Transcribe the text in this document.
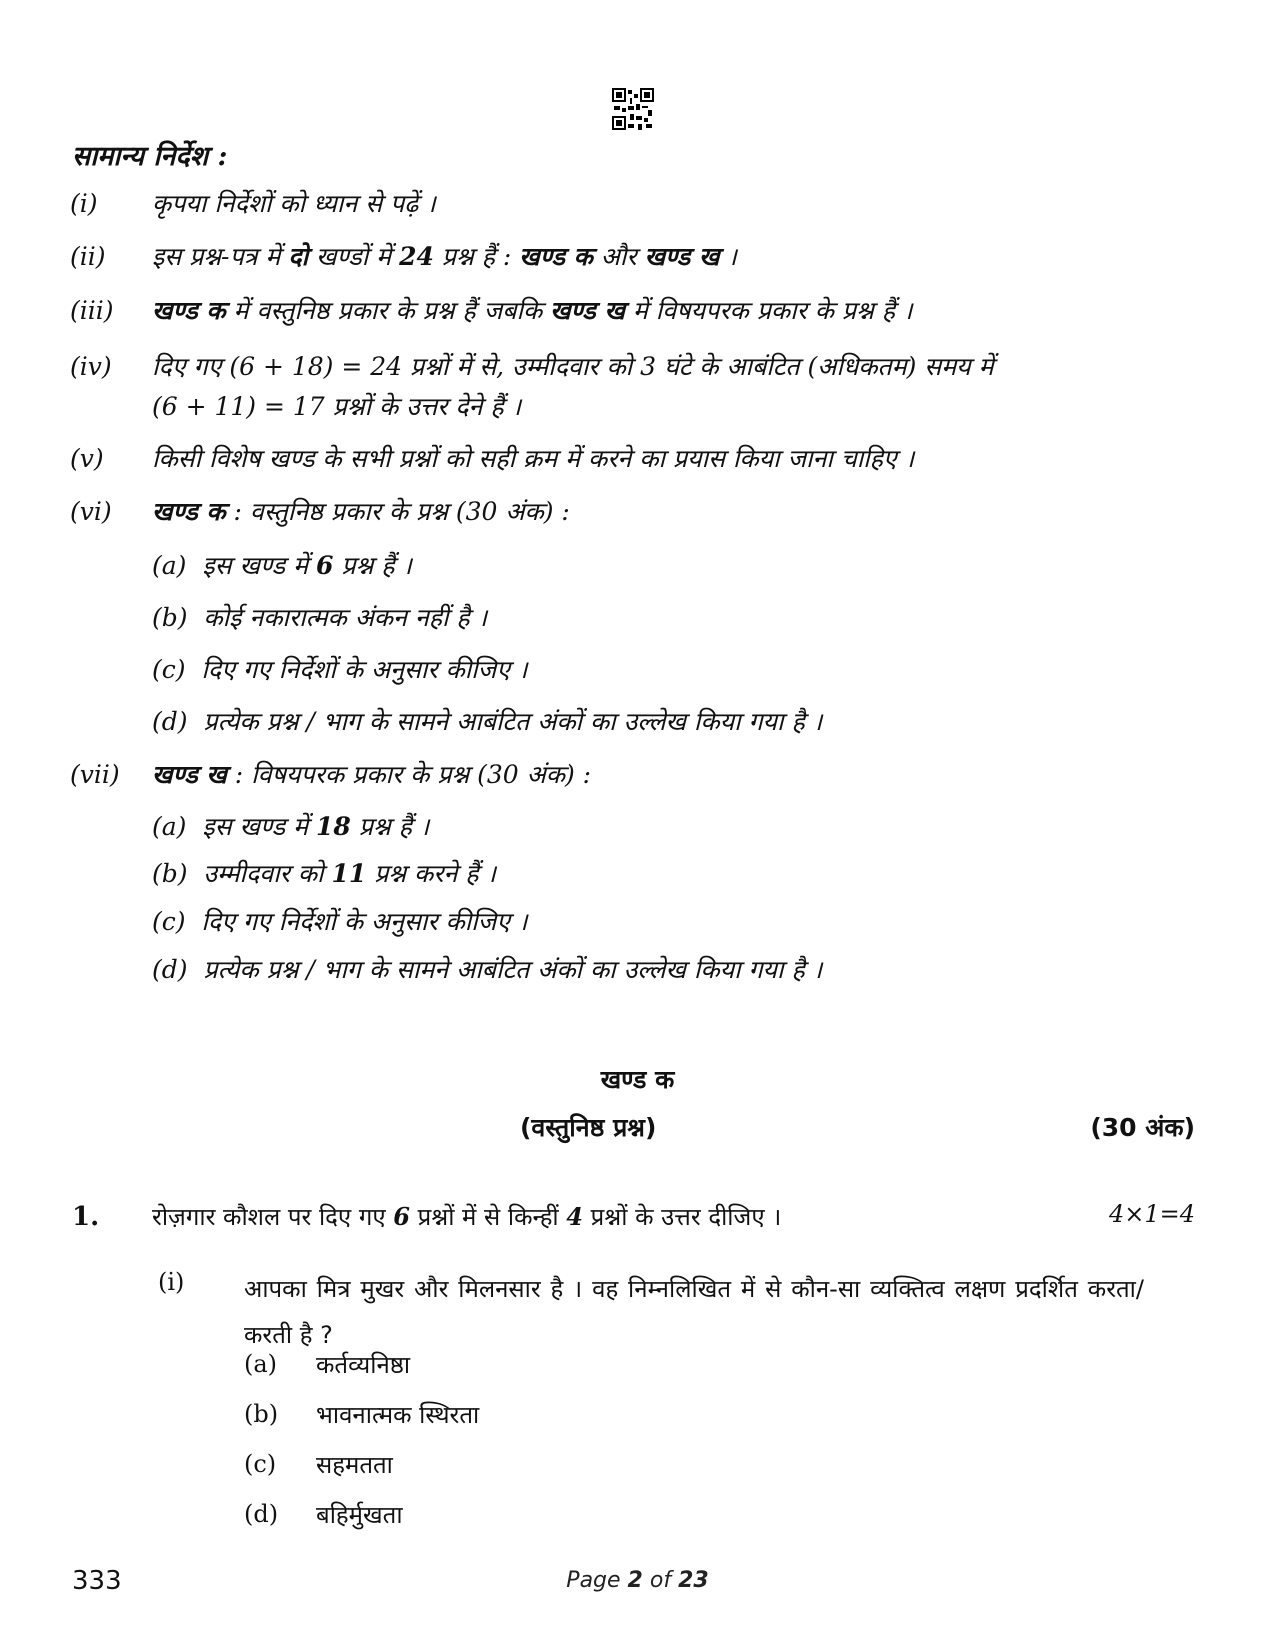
सामान्य निर्देश :
(i) कृपया निर्देशों को ध्यान से पढ़ें ।
(ii) इस प्रश्न-पत्र में दो खण्डों में 24 प्रश्न हैं : खण्ड क और खण्ड ख ।
(iii) खण्ड क में वस्तुनिष्ठ प्रकार के प्रश्न हैं जबकि खण्ड ख में विषयपरक प्रकार के प्रश्न हैं ।
(iv) दिए गए (6 + 18) = 24 प्रश्नों में से, उम्मीदवार को 3 घंटे के आबंटित (अधिकतम) समय में
(6 + 11) = 17 प्रश्नों के उत्तर देने हैं ।
(v) किसी विशेष खण्ड के सभी प्रश्नों को सही क्रम में करने का प्रयास किया जाना चाहिए ।
(vi) खण्ड क : वस्तुनिष्ठ प्रकार के प्रश्न (30 अंक) :
(a) इस खण्ड में 6 प्रश्न हैं ।
(b) कोई नकारात्मक अंकन नहीं है ।
(c) दिए गए निर्देशों के अनुसार कीजिए ।
(d) प्रत्येक प्रश्न / भाग के सामने आबंटित अंकों का उल्लेख किया गया है ।
(vii) खण्ड ख : विषयपरक प्रकार के प्रश्न (30 अंक) :
(a) इस खण्ड में 18 प्रश्न हैं ।
(b) उम्मीदवार को 11 प्रश्न करने हैं ।
(c) दिए गए निर्देशों के अनुसार कीजिए ।
(d) प्रत्येक प्रश्न / भाग के सामने आबंटित अंकों का उल्लेख किया गया है ।
खण्ड क
(वस्तुनिष्ठ प्रश्न)	(30 अंक)
1. रोज़गार कौशल पर दिए गए 6 प्रश्नों में से किन्हीं 4 प्रश्नों के उत्तर दीजिए ।	4×1=4
(i) आपका मित्र मुखर और मिलनसार है । वह निम्नलिखित में से कौन-सा व्यक्तित्व लक्षण प्रदर्शित करता/करती है ?
(a) कर्तव्यनिष्ठा
(b) भावनात्मक स्थिरता
(c) सहमतता
(d) बहिर्मुखता
333	Page 2 of 23
